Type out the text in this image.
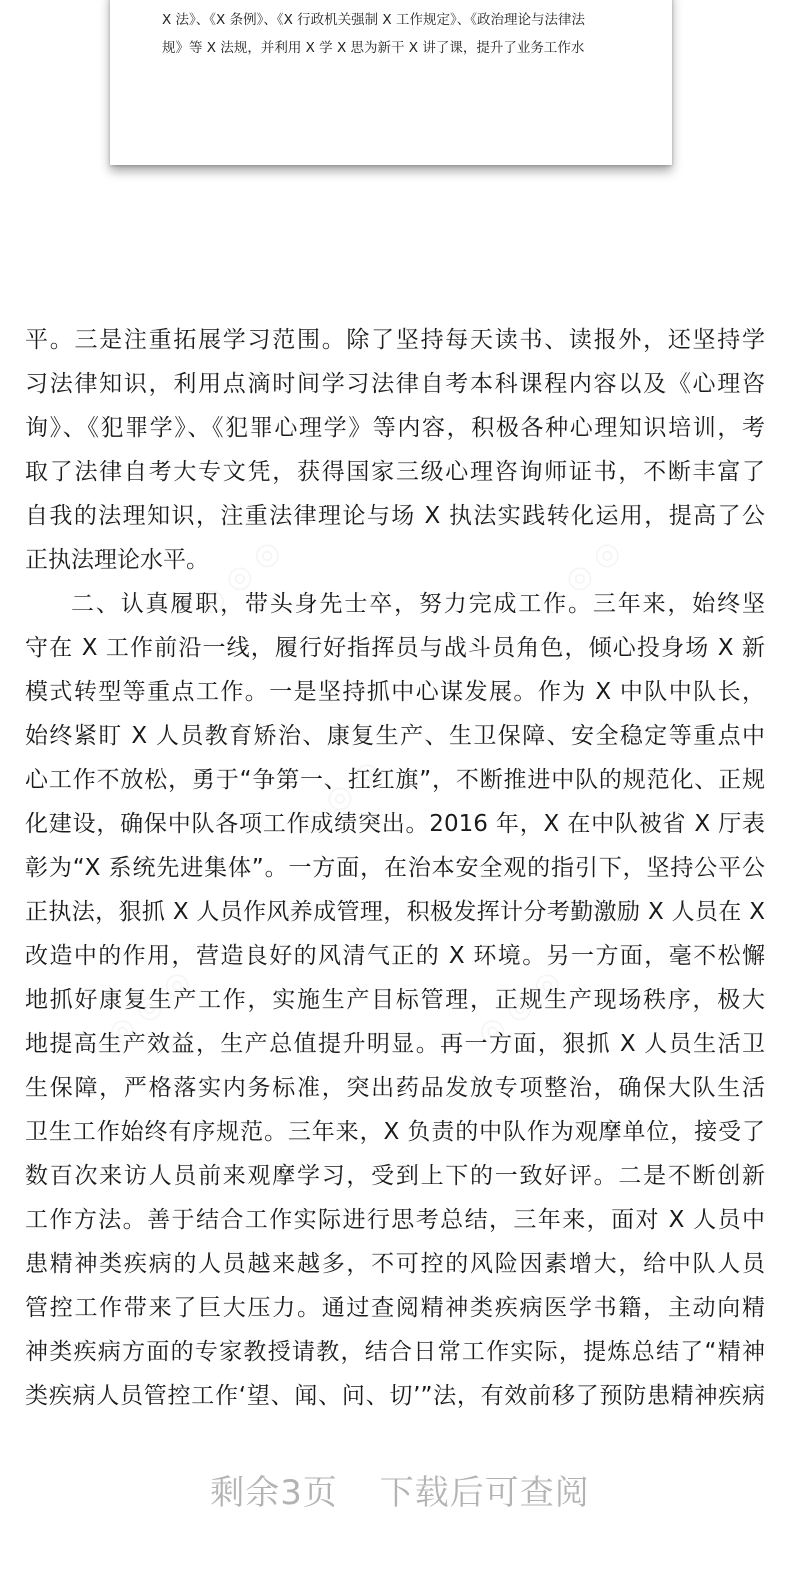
X 法》、《X 条例》、《X 行政机关强制 X 工作规定》、《政治理论与法律法
规》等 X 法规，并利用 X 学 X 思为新干 X 讲了课，提升了业务工作水
平。三是注重拓展学习范围。除了坚持每天读书、读报外，还坚持学
习法律知识，利用点滴时间学习法律自考本科课程内容以及《心理咨
询》、《犯罪学》、《犯罪心理学》等内容，积极各种心理知识培训，考
取了法律自考大专文凭，获得国家三级心理咨询师证书，不断丰富了
自我的法理知识，注重法律理论与场 X 执法实践转化运用，提高了公
正执法理论水平。
二、认真履职，带头身先士卒，努力完成工作。三年来，始终坚
守在 X 工作前沿一线，履行好指挥员与战斗员角色，倾心投身场 X 新
模式转型等重点工作。一是坚持抓中心谋发展。作为 X 中队中队长，
始终紧盯 X 人员教育矫治、康复生产、生卫保障、安全稳定等重点中
心工作不放松，勇于“争第一、扛红旗”，不断推进中队的规范化、正规
化建设，确保中队各项工作成绩突出。2016 年，X 在中队被省 X 厅表
彰为“X 系统先进集体”。一方面，在治本安全观的指引下，坚持公平公
正执法，狠抓 X 人员作风养成管理，积极发挥计分考勤激励 X 人员在 X
改造中的作用，营造良好的风清气正的 X 环境。另一方面，毫不松懈
地抓好康复生产工作，实施生产目标管理，正规生产现场秩序，极大
地提高生产效益，生产总值提升明显。再一方面，狠抓 X 人员生活卫
生保障，严格落实内务标准，突出药品发放专项整治，确保大队生活
卫生工作始终有序规范。三年来，X 负责的中队作为观摩单位，接受了
数百次来访人员前来观摩学习，受到上下的一致好评。二是不断创新
工作方法。善于结合工作实际进行思考总结，三年来，面对 X 人员中
患精神类疾病的人员越来越多，不可控的风险因素增大，给中队人员
管控工作带来了巨大压力。通过查阅精神类疾病医学书籍，主动向精
神类疾病方面的专家教授请教，结合日常工作实际，提炼总结了“精神
类疾病人员管控工作‘望、闻、问、切’”法，有效前移了预防患精神疾病
剩余3页 下载后可查阅
